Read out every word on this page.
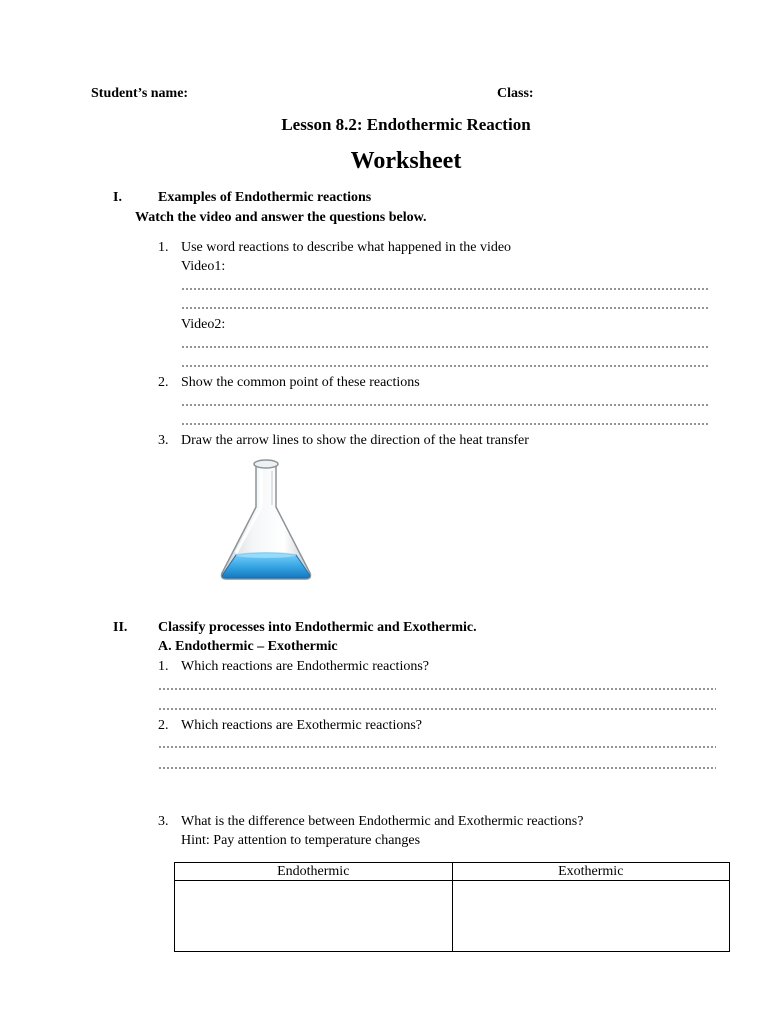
Student’s name:	Class:
Lesson 8.2: Endothermic Reaction
Worksheet
I.	Examples of Endothermic reactions
Watch the video and answer the questions below.
1. Use word reactions to describe what happened in the video
Video1:
Video2:
2. Show the common point of these reactions
3. Draw the arrow lines to show the direction of the heat transfer
II. Classify processes into Endothermic and Exothermic.
A. Endothermic – Exothermic
1. Which reactions are Endothermic reactions?
2. Which reactions are Exothermic reactions?
3. What is the difference between Endothermic and Exothermic reactions?
Hint: Pay attention to temperature changes
Endothermic	Exothermic
